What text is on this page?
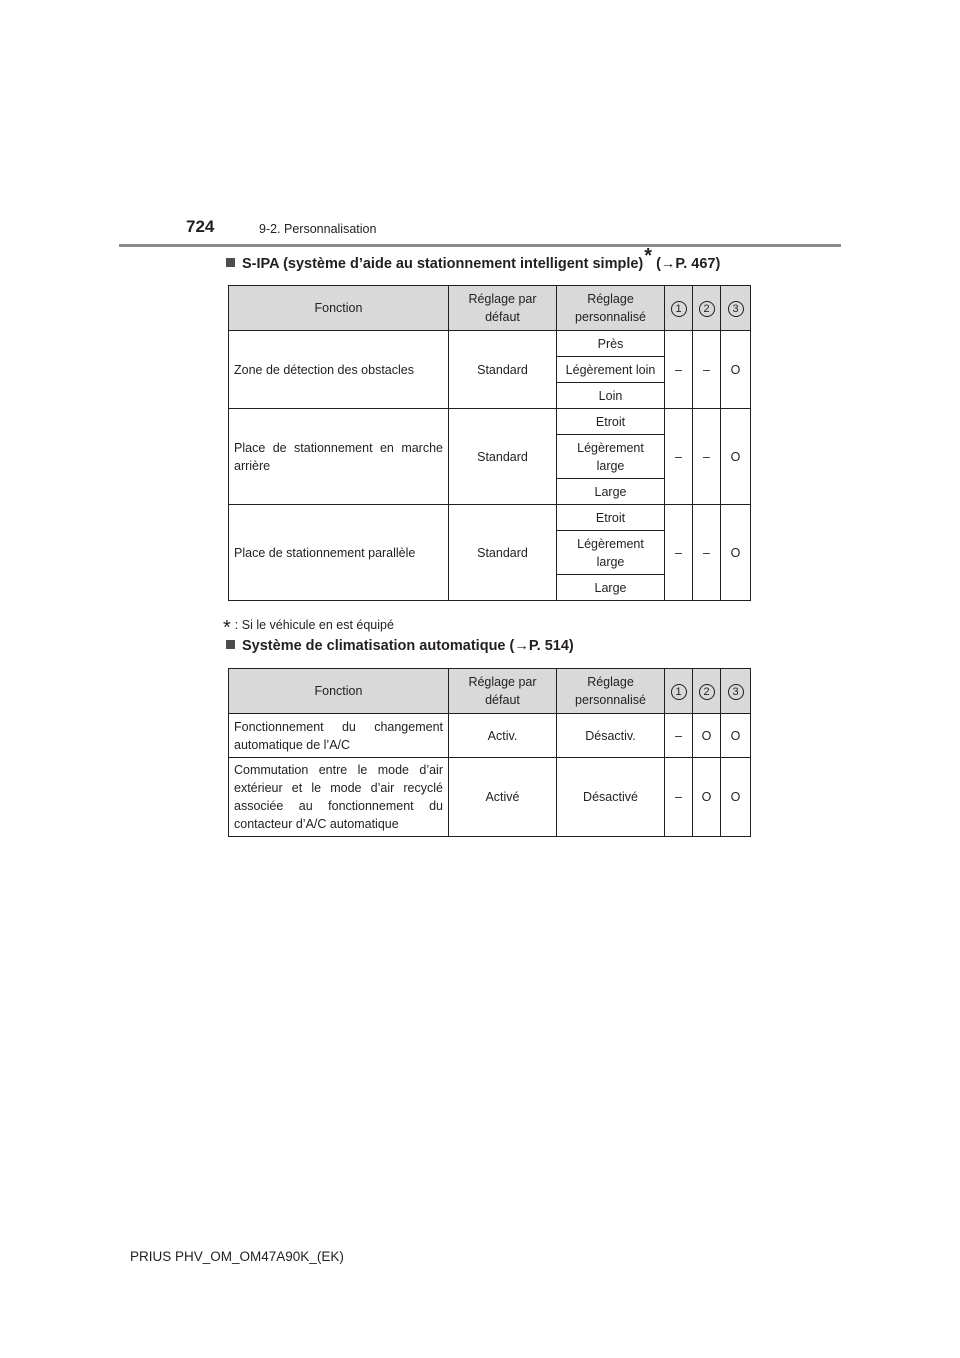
724	9-2. Personnalisation
S-IPA (système d’aide au stationnement intelligent simple)* (→P. 467)
Fonction	Réglage par défaut	Réglage personnalisé	1	2	3
Zone de détection des obstacles	Standard	Près	–	–	O
		Légèrement loin			
		Loin			
Place de stationnement en marche arrière	Standard	Etroit	–	–	O
		Légèrement large			
		Large			
Place de stationnement parallèle	Standard	Etroit	–	–	O
		Légèrement large			
		Large			
* : Si le véhicule en est équipé
Système de climatisation automatique (→P. 514)
Fonction	Réglage par défaut	Réglage personnalisé	1	2	3
Fonctionnement du changement automatique de l’A/C	Activ.	Désactiv.	–	O	O
Commutation entre le mode d’air extérieur et le mode d’air recyclé associée au fonctionnement du contacteur d’A/C automatique	Activé	Désactivé	–	O	O
PRIUS PHV_OM_OM47A90K_(EK)
